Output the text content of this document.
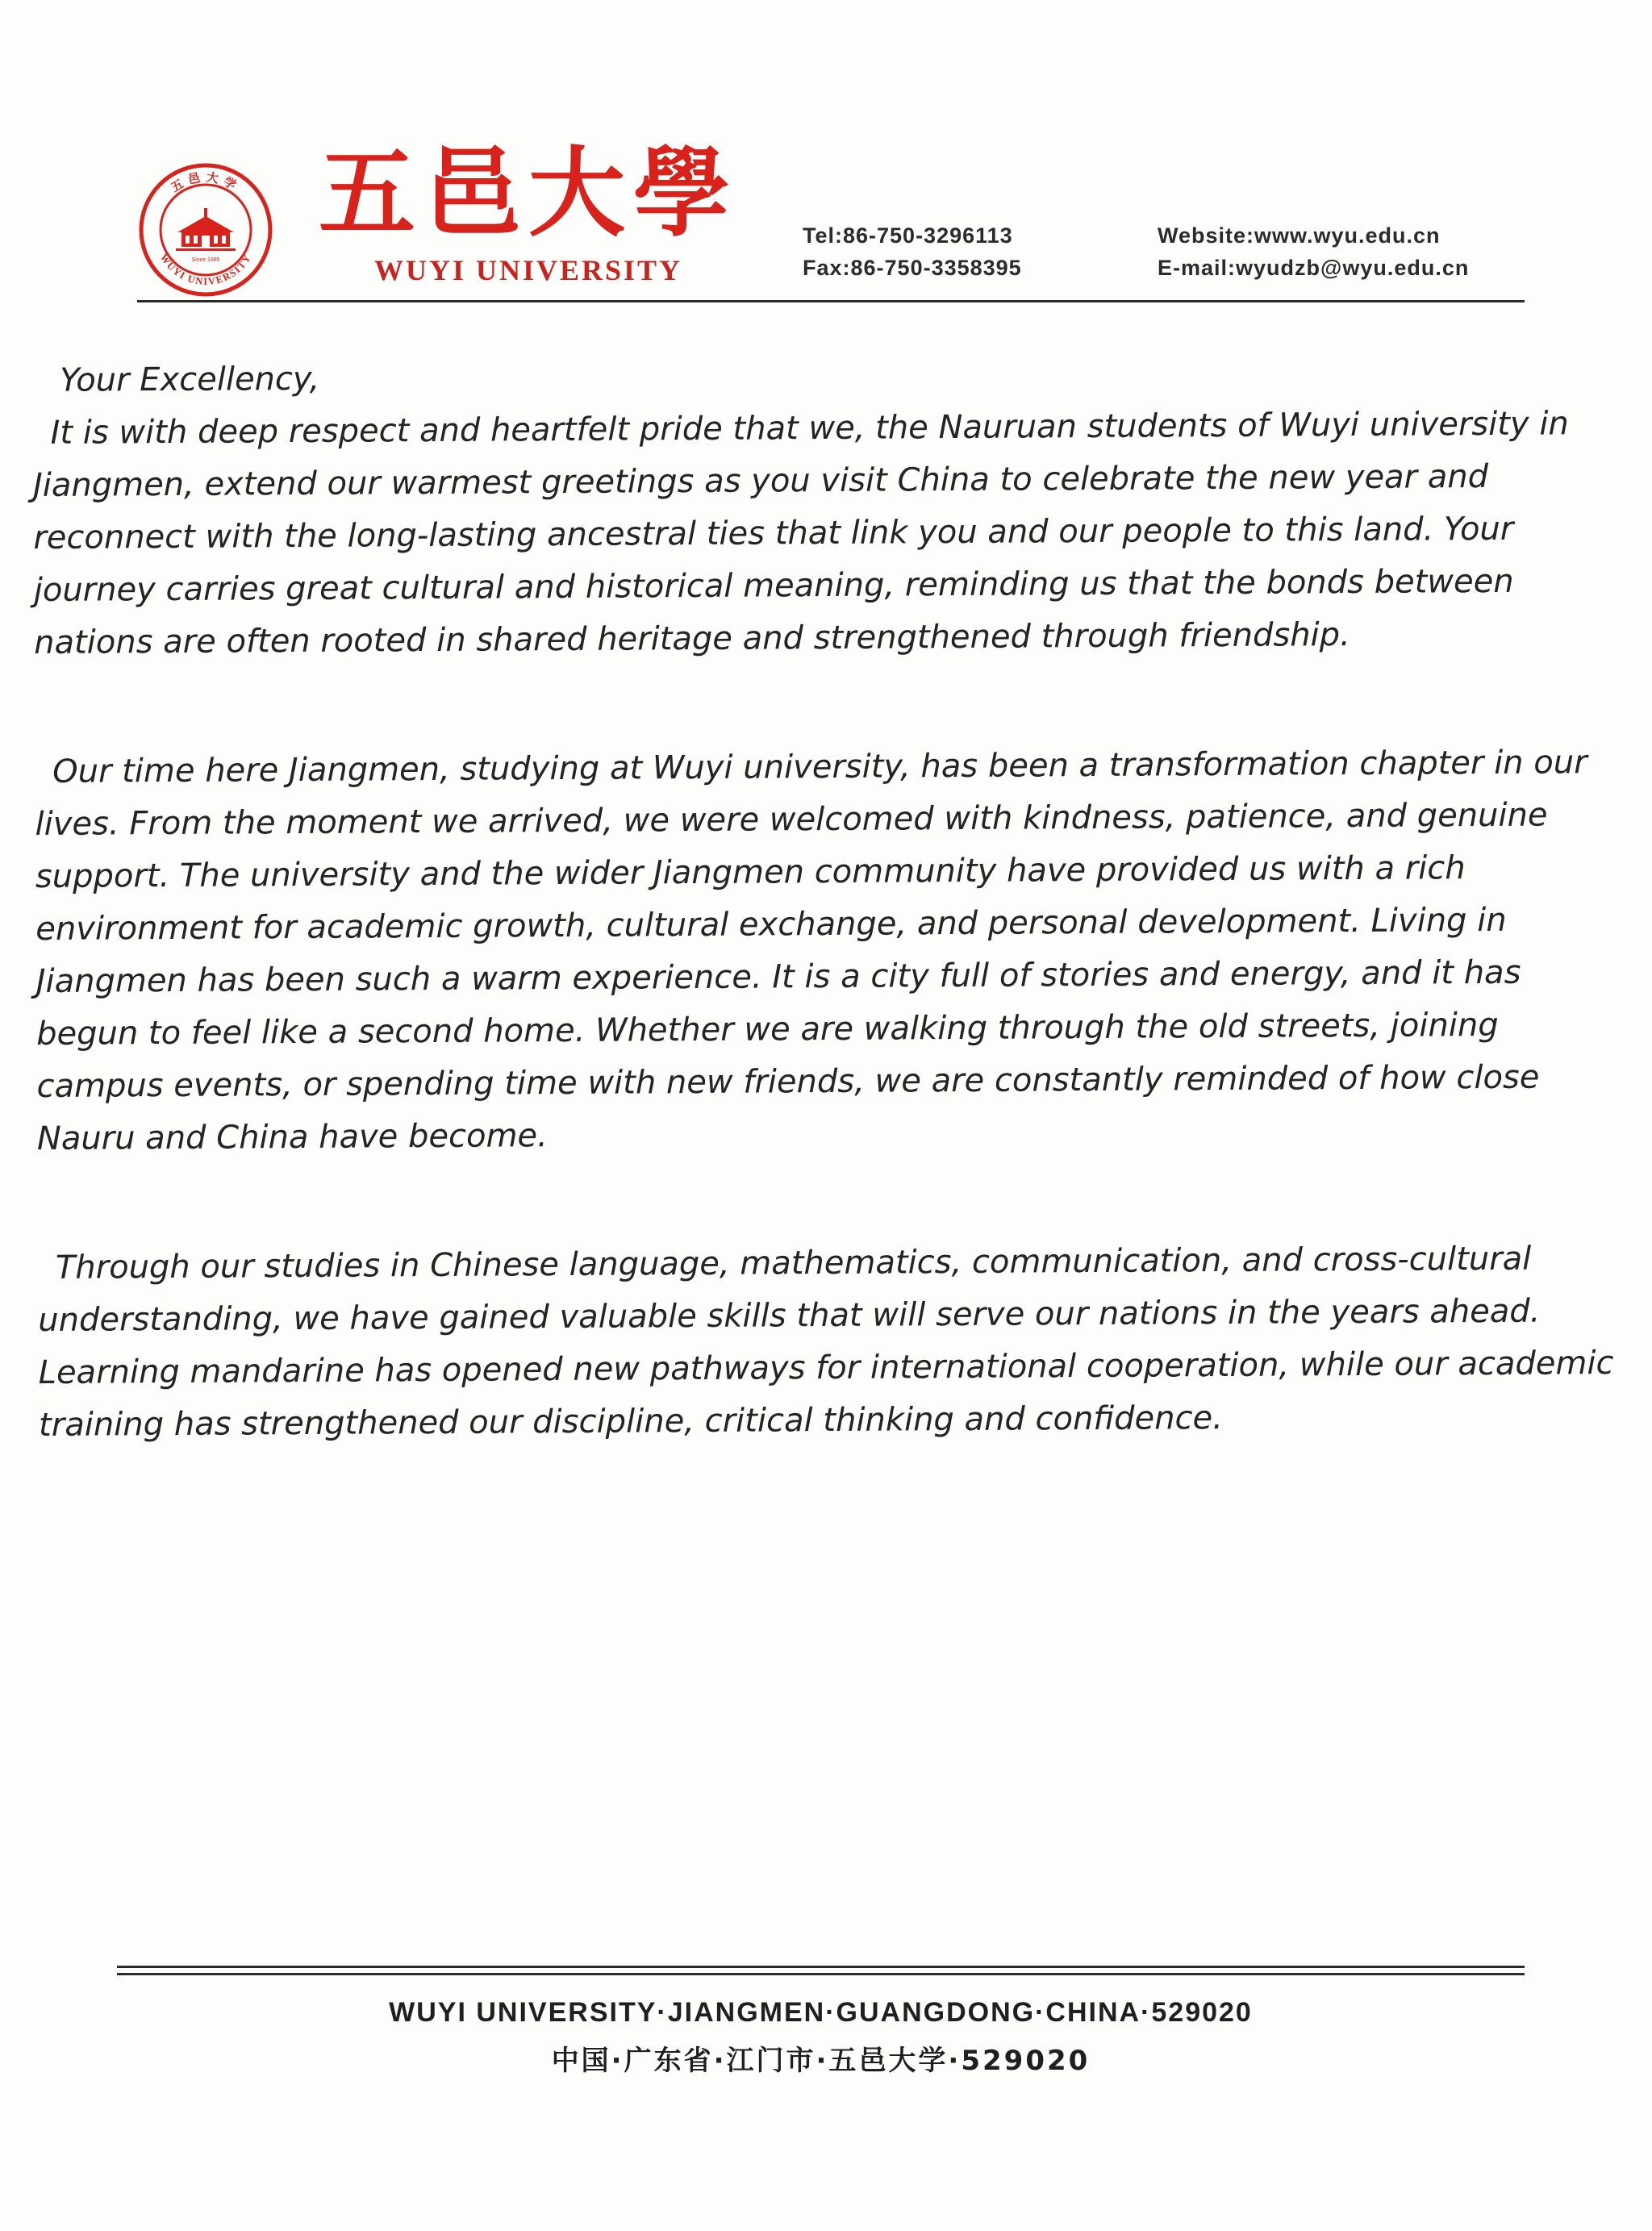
五邑大学
WUYI UNIVERSITY
Since 1985
五邑大學
WUYI UNIVERSITY
Tel:86-750-3296113
Fax:86-750-3358395
Website:www.wyu.edu.cn
E-mail:wyudzb@wyu.edu.cn

Your Excellency,

It is with deep respect and heartfelt pride that we, the Nauruan students of Wuyi university in Jiangmen, extend our warmest greetings as you visit China to celebrate the new year and reconnect with the long-lasting ancestral ties that link you and our people to this land. Your journey carries great cultural and historical meaning, reminding us that the bonds between nations are often rooted in shared heritage and strengthened through friendship.

Our time here Jiangmen, studying at Wuyi university, has been a transformation chapter in our lives. From the moment we arrived, we were welcomed with kindness, patience, and genuine support. The university and the wider Jiangmen community have provided us with a rich environment for academic growth, cultural exchange, and personal development. Living in Jiangmen has been such a warm experience. It is a city full of stories and energy, and it has begun to feel like a second home. Whether we are walking through the old streets, joining campus events, or spending time with new friends, we are constantly reminded of how close Nauru and China have become.

Through our studies in Chinese language, mathematics, communication, and cross-cultural understanding, we have gained valuable skills that will serve our nations in the years ahead. Learning mandarine has opened new pathways for international cooperation, while our academic training has strengthened our discipline, critical thinking and confidence.

WUYI UNIVERSITY·JIANGMEN·GUANGDONG·CHINA·529020
中国·广东省·江门市·五邑大学·529020
